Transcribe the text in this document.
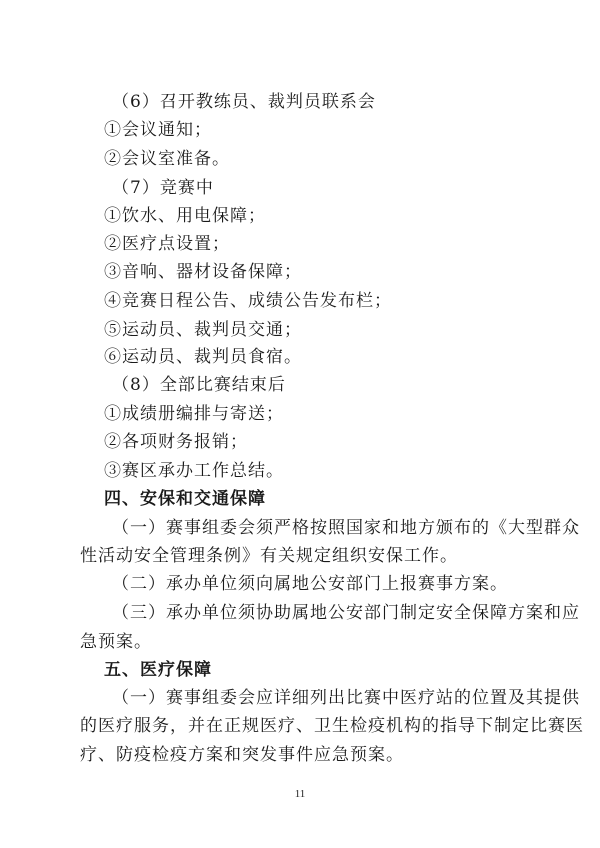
（6）召开教练员、裁判员联系会
①会议通知；
②会议室准备。
（7）竞赛中
①饮水、用电保障；
②医疗点设置；
③音响、器材设备保障；
④竞赛日程公告、成绩公告发布栏；
⑤运动员、裁判员交通；
⑥运动员、裁判员食宿。
（8）全部比赛结束后
①成绩册编排与寄送；
②各项财务报销；
③赛区承办工作总结。
四、安保和交通保障
（一）赛事组委会须严格按照国家和地方颁布的《大型群众
性活动安全管理条例》有关规定组织安保工作。
（二）承办单位须向属地公安部门上报赛事方案。
（三）承办单位须协助属地公安部门制定安全保障方案和应
急预案。
五、医疗保障
（一）赛事组委会应详细列出比赛中医疗站的位置及其提供
的医疗服务，并在正规医疗、卫生检疫机构的指导下制定比赛医
疗、防疫检疫方案和突发事件应急预案。
11
